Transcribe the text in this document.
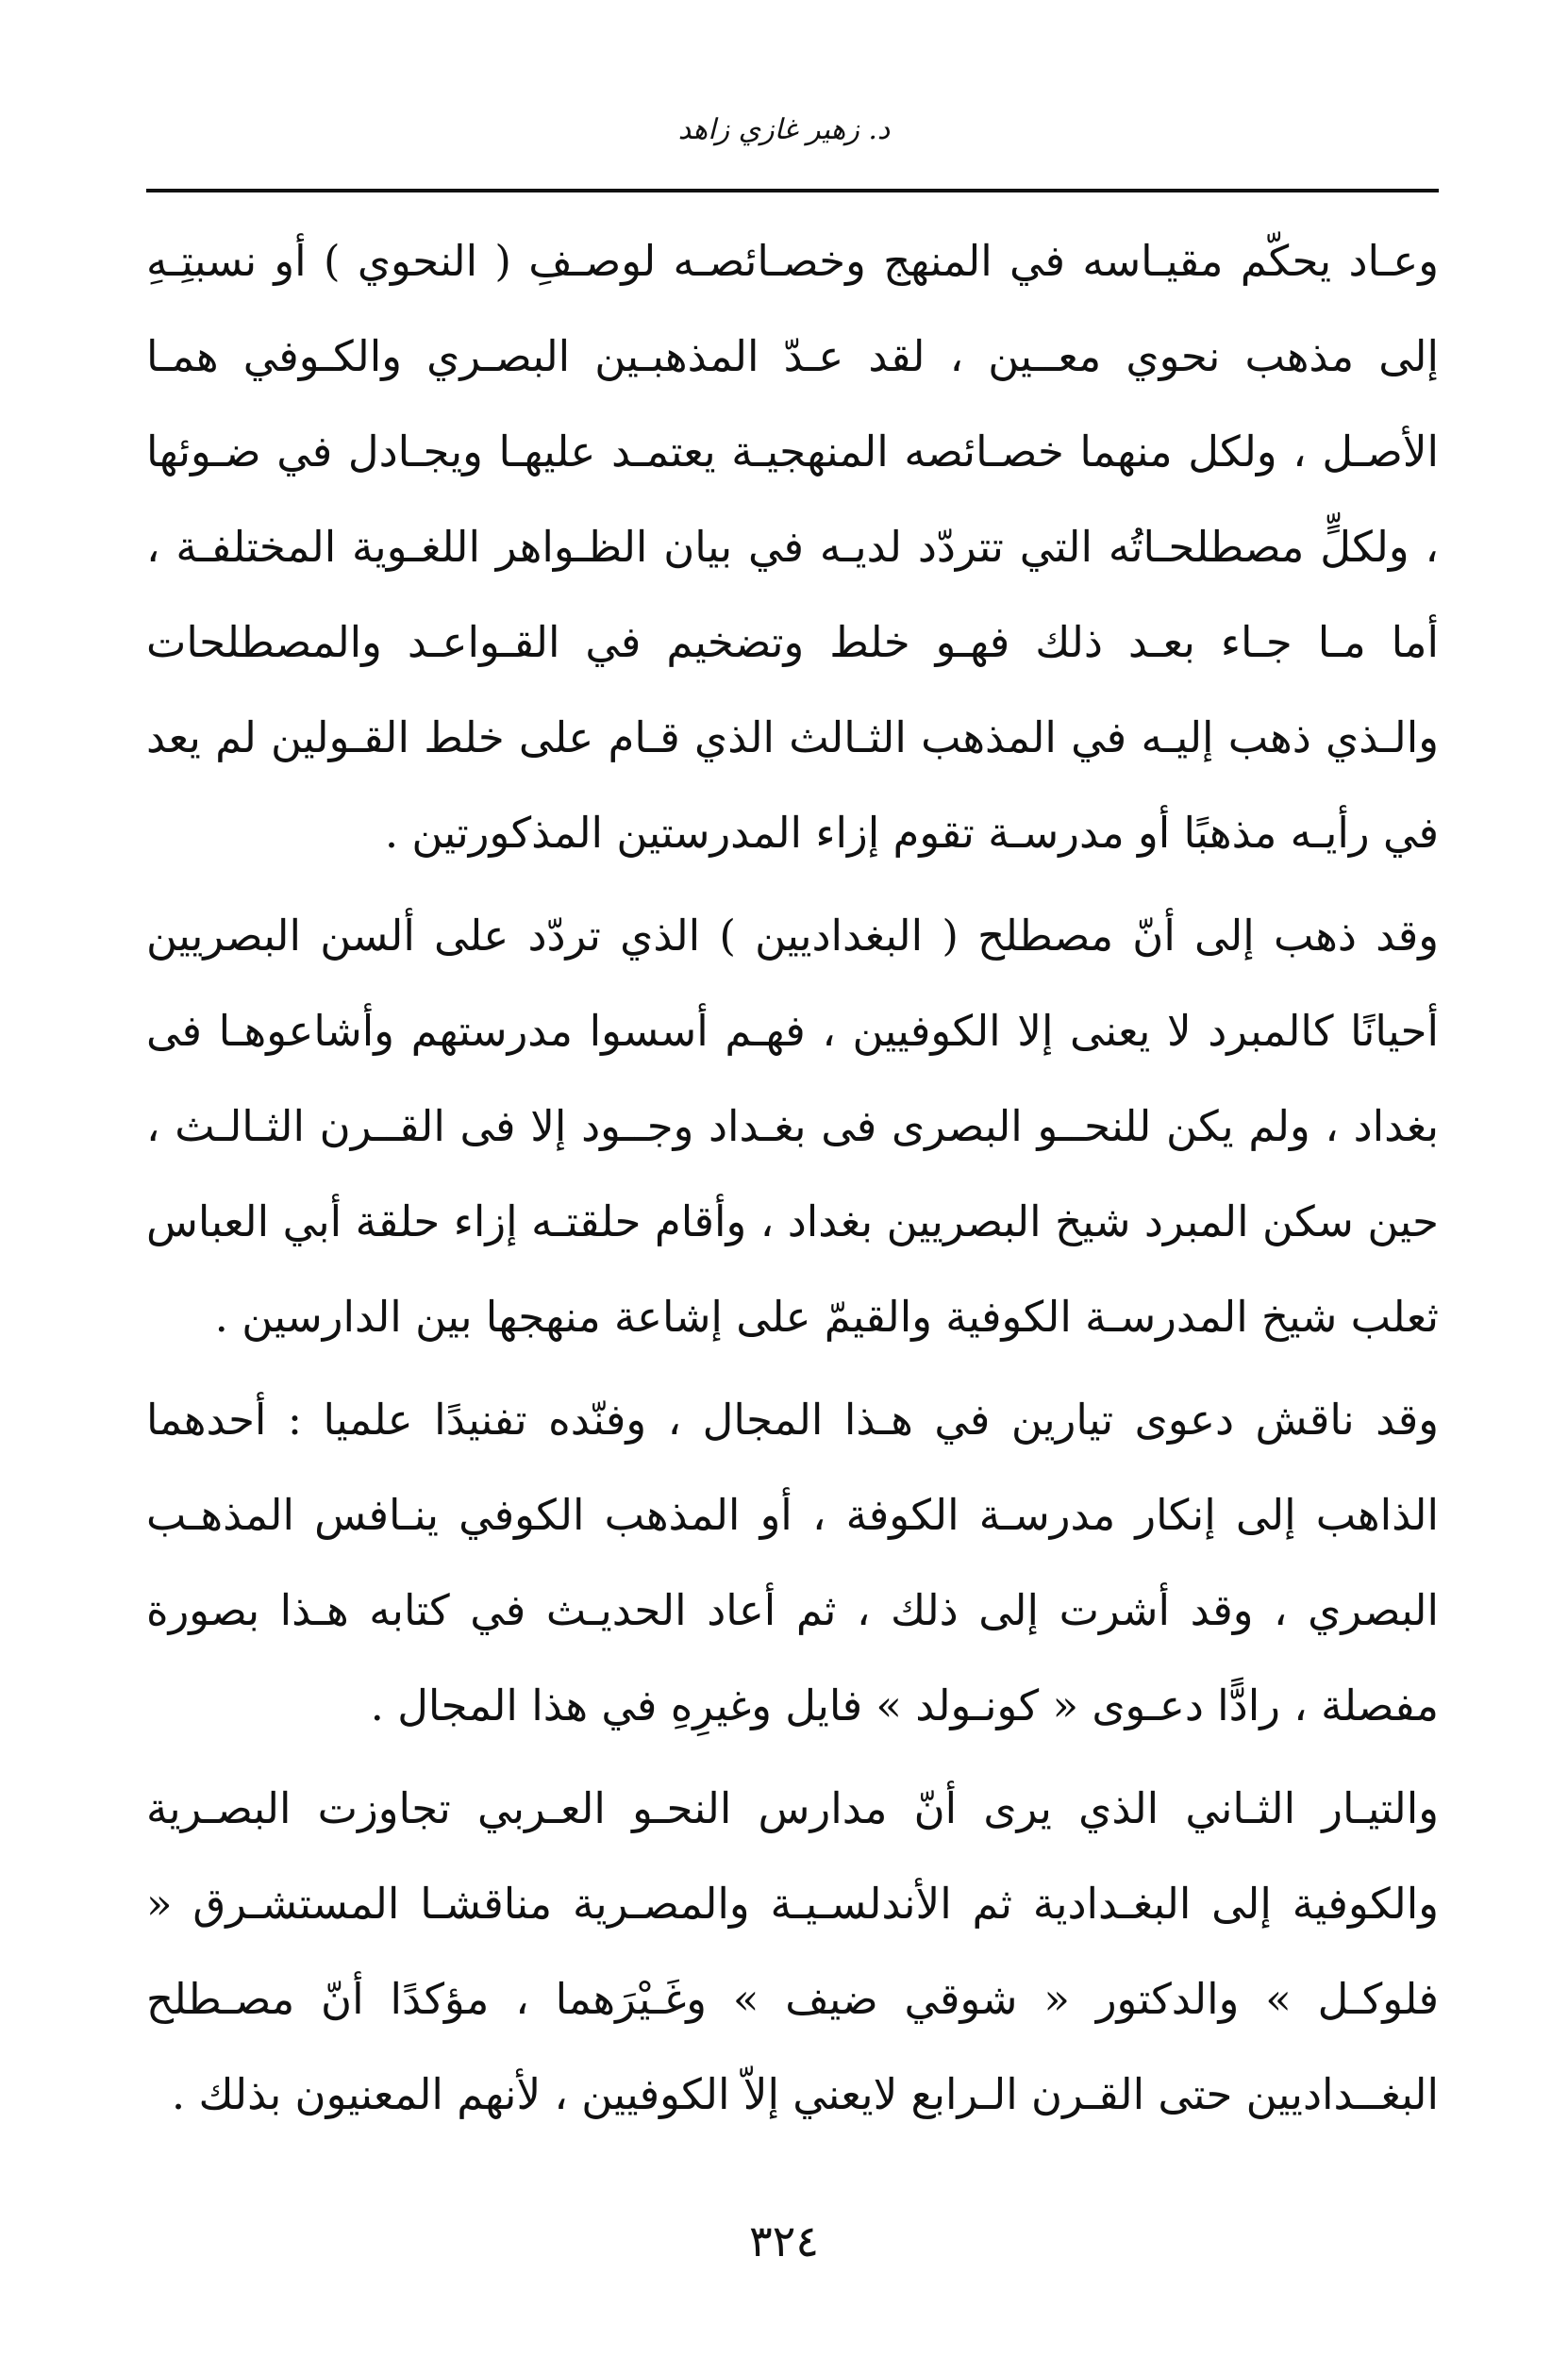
د. زهير غازي زاهد

وعـاد يحكّم مقيـاسه في المنهج وخصـائصـه لوصـفِ ( النحوي ) أو نسبتِـهِ إلى مذهب نحوي معــين ، لقد عـدّ المذهبـين البصـري والكـوفي همـا الأصـل ، ولكل منهما خصـائصه المنهجيـة يعتمـد عليهـا ويجـادل في ضـوئها ، ولكلٍّ مصطلحـاتُه التي تتردّد لديـه في بيان الظـواهر اللغـوية المختلفـة ، أما مـا جـاء بعـد ذلك فهـو خلط وتضخيم في القـواعـد والمصطلحات والـذي ذهب إليـه في المذهب الثـالث الذي قـام على خلط القـولين لم يعد في رأيـه مذهبًا أو مدرسـة تقوم إزاء المدرستين المذكورتين .

وقد ذهب إلى أنّ مصطلح ( البغداديين ) الذي تردّد على ألسن البصريين أحيانًا كالمبرد لا يعنى إلا الكوفيين ، فهـم أسسوا مدرستهم وأشاعوهـا فى بغداد ، ولم يكن للنحــو البصرى فى بغـداد وجــود إلا فى القــرن الثـالـث ، حين سكن المبرد شيخ البصريين بغداد ، وأقام حلقتـه إزاء حلقة أبي العباس ثعلب شيخ المدرسـة الكوفية والقيمّ على إشاعة منهجها بين الدارسين .

وقد ناقش دعوى تيارين في هـذا المجال ، وفنّده تفنيدًا علميا : أحدهما الذاهب إلى إنكار مدرسـة الكوفة ، أو المذهب الكوفي ينـافس المذهـب البصري ، وقد أشرت إلى ذلك ، ثم أعاد الحديـث في كتابه هـذا بصورة مفصلة ، رادًّا دعـوى « كونـولد » فايل وغيرِهِ في هذا المجال .

والتيـار الثـاني الذي يرى أنّ مدارس النحـو العـربي تجاوزت البصـرية والكوفية إلى البغـدادية ثم الأندلسـيـة والمصـرية مناقشـا المستشـرق « فلوكـل » والدكتور « شوقي ضيف » وغَـيْرَهما ، مؤكدًا أنّ مصـطلح البغــداديين حتى القـرن الـرابع لايعني إلاّ الكوفيين ، لأنهم المعنيون بذلك .

٣٢٤
